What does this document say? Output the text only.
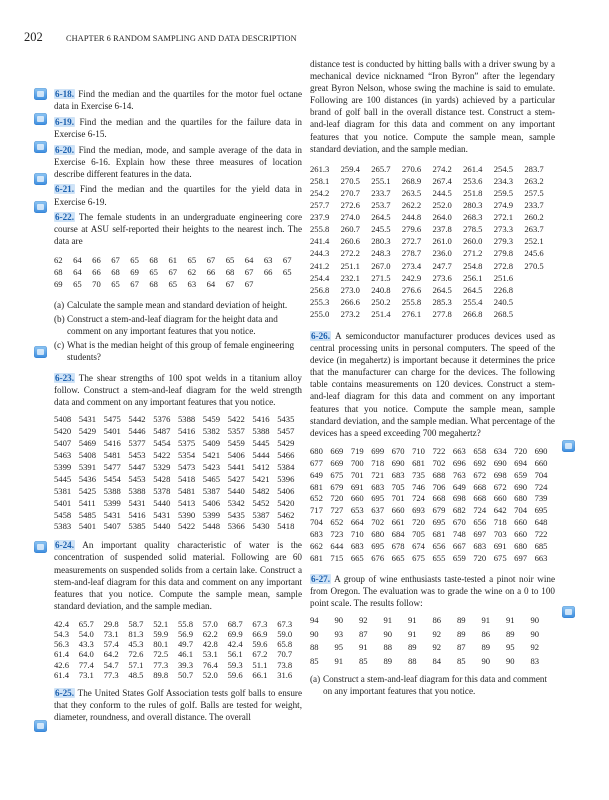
202	CHAPTER 6 RANDOM SAMPLING AND DATA DESCRIPTION
6-18. Find the median and the quartiles for the motor fuel octane data in Exercise 6-14.
6-19. Find the median and the quartiles for the failure data in Exercise 6-15.
6-20. Find the median, mode, and sample average of the data in Exercise 6-16. Explain how these three measures of location describe different features in the data.
6-21. Find the median and the quartiles for the yield data in Exercise 6-19.
6-22. The female students in an undergraduate engineering core course at ASU self-reported their heights to the nearest inch. The data are
62	64	66	67	65	68	61	65	67	65	64	63	67
68	64	66	68	69	65	67	62	66	68	67	66	65
69	65	70	65	67	68	65	63	64	67	67
(a) Calculate the sample mean and standard deviation of height.
(b) Construct a stem-and-leaf diagram for the height data and comment on any important features that you notice.
(c) What is the median height of this group of female engineering students?
6-23. The shear strengths of 100 spot welds in a titanium alloy follow. Construct a stem-and-leaf diagram for the weld strength data and comment on any important features that you notice.
5408 5431 5475 5442 5376 5388 5459 5422 5416 5435
5420 5429 5401 5446 5487 5416 5382 5357 5388 5457
5407 5469 5416 5377 5454 5375 5409 5459 5445 5429
5463 5408 5481 5453 5422 5354 5421 5406 5444 5466
5399 5391 5477 5447 5329 5473 5423 5441 5412 5384
5445 5436 5454 5453 5428 5418 5465 5427 5421 5396
5381 5425 5388 5388 5378 5481 5387 5440 5482 5406
5401 5411 5399 5431 5440 5413 5406 5342 5452 5420
5458 5485 5431 5416 5431 5390 5399 5435 5387 5462
5383 5401 5407 5385 5440 5422 5448 5366 5430 5418
6-24. An important quality characteristic of water is the concentration of suspended solid material. Following are 60 measurements on suspended solids from a certain lake. Construct a stem-and-leaf diagram for this data and comment on any important features that you notice. Compute the sample mean, sample standard deviation, and the sample median.
42.4	65.7	29.8	58.7	52.1	55.8	57.0	68.7	67.3	67.3
54.3	54.0	73.1	81.3	59.9	56.9	62.2	69.9	66.9	59.0
56.3	43.3	57.4	45.3	80.1	49.7	42.8	42.4	59.6	65.8
61.4	64.0	64.2	72.6	72.5	46.1	53.1	56.1	67.2	70.7
42.6	77.4	54.7	57.1	77.3	39.3	76.4	59.3	51.1	73.8
61.4	73.1	77.3	48.5	89.8	50.7	52.0	59.6	66.1	31.6
6-25. The United States Golf Association tests golf balls to ensure that they conform to the rules of golf. Balls are tested for weight, diameter, roundness, and overall distance. The overall
distance test is conducted by hitting balls with a driver swung by a mechanical device nicknamed “Iron Byron” after the legendary great Byron Nelson, whose swing the machine is said to emulate. Following are 100 distances (in yards) achieved by a particular brand of golf ball in the overall distance test. Construct a stem-and-leaf diagram for this data and comment on any important features that you notice. Compute the sample mean, sample standard deviation, and the sample median.
261.3	259.4	265.7	270.6	274.2	261.4	254.5	283.7
258.1	270.5	255.1	268.9	267.4	253.6	234.3	263.2
254.2	270.7	233.7	263.5	244.5	251.8	259.5	257.5
257.7	272.6	253.7	262.2	252.0	280.3	274.9	233.7
237.9	274.0	264.5	244.8	264.0	268.3	272.1	260.2
255.8	260.7	245.5	279.6	237.8	278.5	273.3	263.7
241.4	260.6	280.3	272.7	261.0	260.0	279.3	252.1
244.3	272.2	248.3	278.7	236.0	271.2	279.8	245.6
241.2	251.1	267.0	273.4	247.7	254.8	272.8	270.5
254.4	232.1	271.5	242.9	273.6	256.1	251.6
256.8	273.0	240.8	276.6	264.5	264.5	226.8
255.3	266.6	250.2	255.8	285.3	255.4	240.5
255.0	273.2	251.4	276.1	277.8	266.8	268.5
6-26. A semiconductor manufacturer produces devices used as central processing units in personal computers. The speed of the device (in megahertz) is important because it determines the price that the manufacturer can charge for the devices. The following table contains measurements on 120 devices. Construct a stem-and-leaf diagram for this data and comment on any important features that you notice. Compute the sample mean, sample standard deviation, and the sample median. What percentage of the devices has a speed exceeding 700 megahertz?
680 669 719 699 670 710 722 663 658 634 720 690
677 669 700 718 690 681 702 696 692 690 694 660
649 675 701 721 683 735 688 763 672 698 659 704
681 679 691 683 705 746 706 649 668 672 690 724
652 720 660 695 701 724 668 698 668 660 680 739
717 727 653 637 660 693 679 682 724 642 704 695
704 652 664 702 661 720 695 670 656 718 660 648
683 723 710 680 684 705 681 748 697 703 660 722
662 644 683 695 678 674 656 667 683 691 680 685
681 715 665 676 665 675 655 659 720 675 697 663
6-27. A group of wine enthusiasts taste-tested a pinot noir wine from Oregon. The evaluation was to grade the wine on a 0 to 100 point scale. The results follow:
94	90	92	91	91	86	89	91	91	90
90	93	87	90	91	92	89	86	89	90
88	95	91	88	89	92	87	89	95	92
85	91	85	89	88	84	85	90	90	83
(a) Construct a stem-and-leaf diagram for this data and comment on any important features that you notice.
